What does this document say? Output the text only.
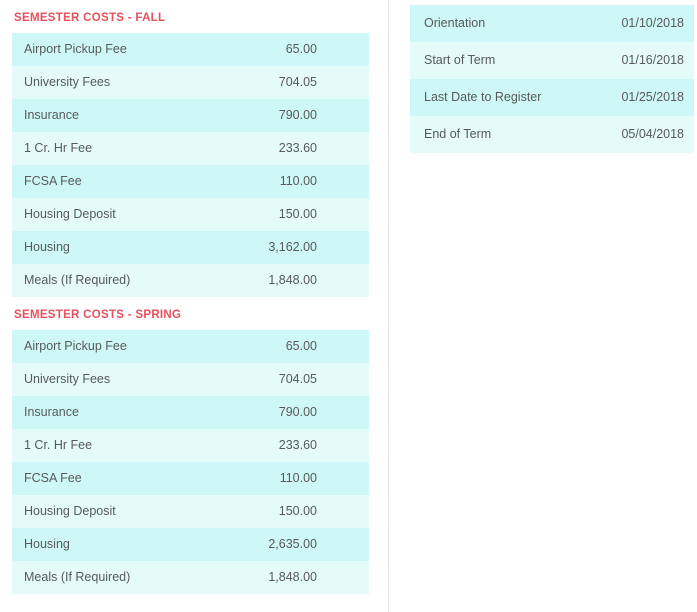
SEMESTER COSTS - FALL
Airport Pickup Fee	65.00
University Fees	704.05
Insurance	790.00
1 Cr. Hr Fee	233.60
FCSA Fee	110.00
Housing Deposit	150.00
Housing	3,162.00
Meals (If Required)	1,848.00
SEMESTER COSTS - SPRING
Airport Pickup Fee	65.00
University Fees	704.05
Insurance	790.00
1 Cr. Hr Fee	233.60
FCSA Fee	110.00
Housing Deposit	150.00
Housing	2,635.00
Meals (If Required)	1,848.00
Orientation	01/10/2018
Start of Term	01/16/2018
Last Date to Register	01/25/2018
End of Term	05/04/2018
